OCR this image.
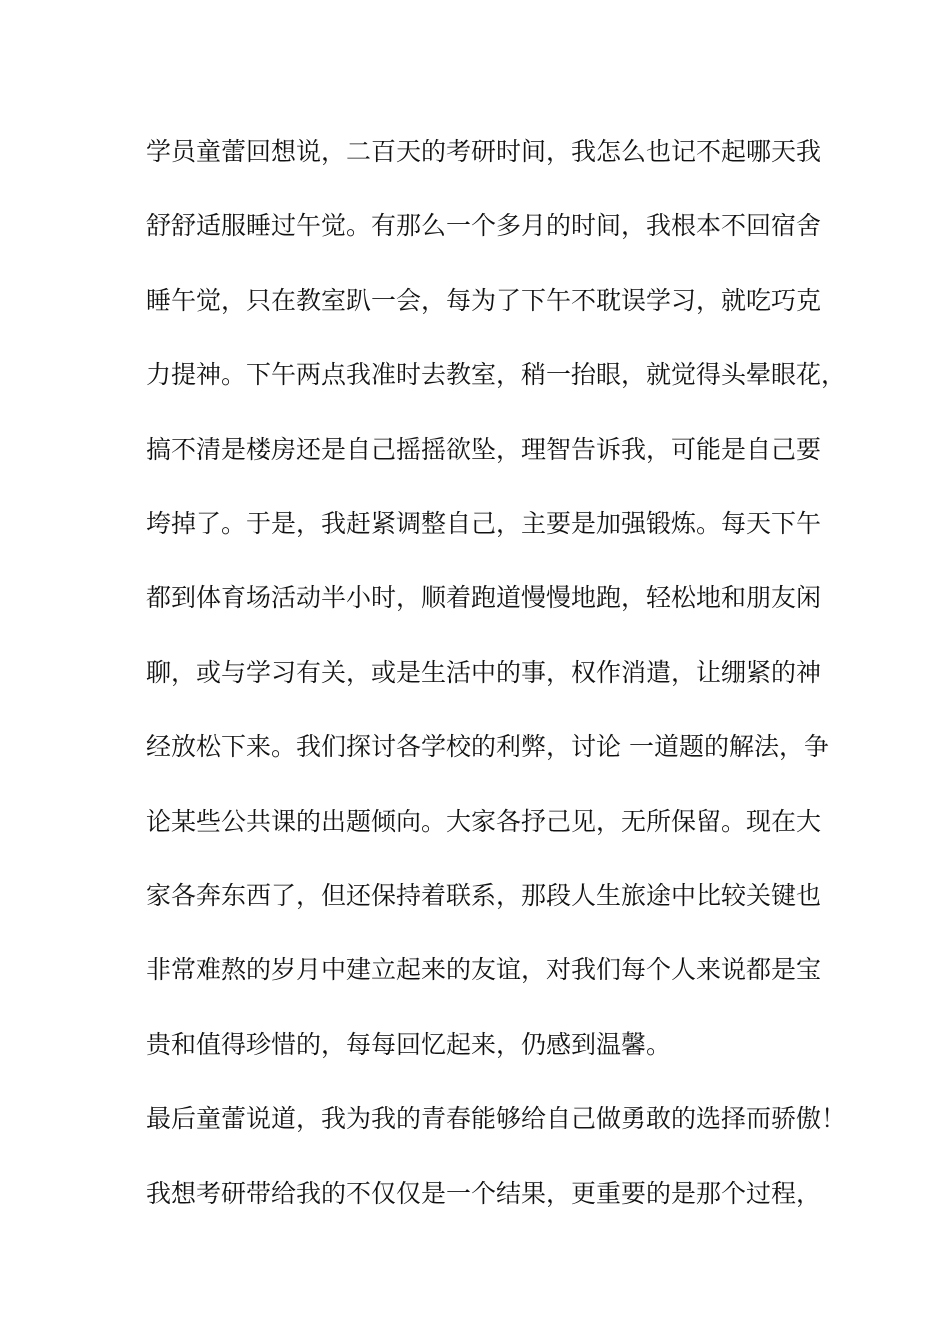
学员童蕾回想说，二百天的考研时间，我怎么也记不起哪天我
舒舒适服睡过午觉。有那么一个多月的时间，我根本不回宿舍
睡午觉，只在教室趴一会，每为了下午不耽误学习，就吃巧克
力提神。下午两点我准时去教室，稍一抬眼，就觉得头晕眼花，
搞不清是楼房还是自己摇摇欲坠，理智告诉我，可能是自己要
垮掉了。于是，我赶紧调整自己，主要是加强锻炼。每天下午
都到体育场活动半小时，顺着跑道慢慢地跑，轻松地和朋友闲
聊，或与学习有关，或是生活中的事，权作消遣，让绷紧的神
经放松下来。我们探讨各学校的利弊，讨论 一道题的解法，争
论某些公共课的出题倾向。大家各抒己见，无所保留。现在大
家各奔东西了，但还保持着联系，那段人生旅途中比较关键也
非常难熬的岁月中建立起来的友谊，对我们每个人来说都是宝
贵和值得珍惜的，每每回忆起来，仍感到温馨。
最后童蕾说道，我为我的青春能够给自己做勇敢的选择而骄傲！
我想考研带给我的不仅仅是一个结果，更重要的是那个过程，
